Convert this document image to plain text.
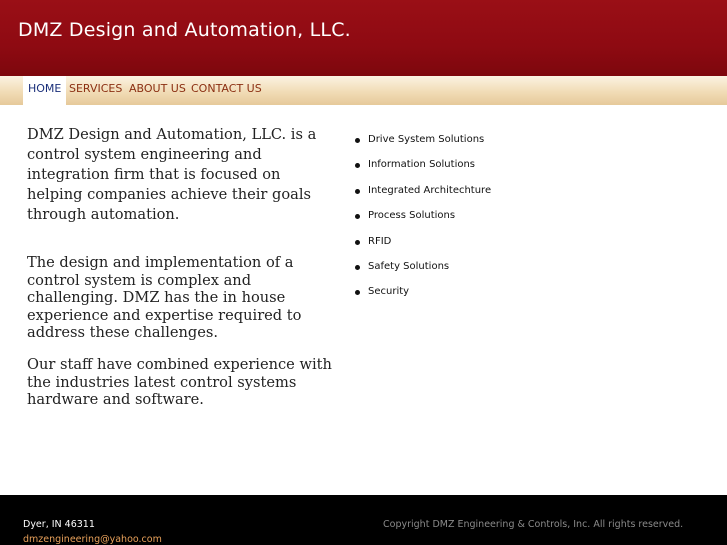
DMZ Design and Automation, LLC.
HOME SERVICES ABOUT US CONTACT US

DMZ Design and Automation, LLC. is a control system engineering and integration firm that is focused on
helping companies achieve their goals through automation.

The design and implementation of a control system is complex and challenging. DMZ has the in house experience and expertise required to address these challenges.

Our staff have combined experience with the industries latest control systems hardware and software.

Drive System Solutions
Information Solutions
Integrated Architechture
Process Solutions
RFID
Safety Solutions
Security
Dyer, IN 46311
dmzengineering@yahoo.com
Copyright DMZ Engineering & Controls, Inc. All rights reserved.
